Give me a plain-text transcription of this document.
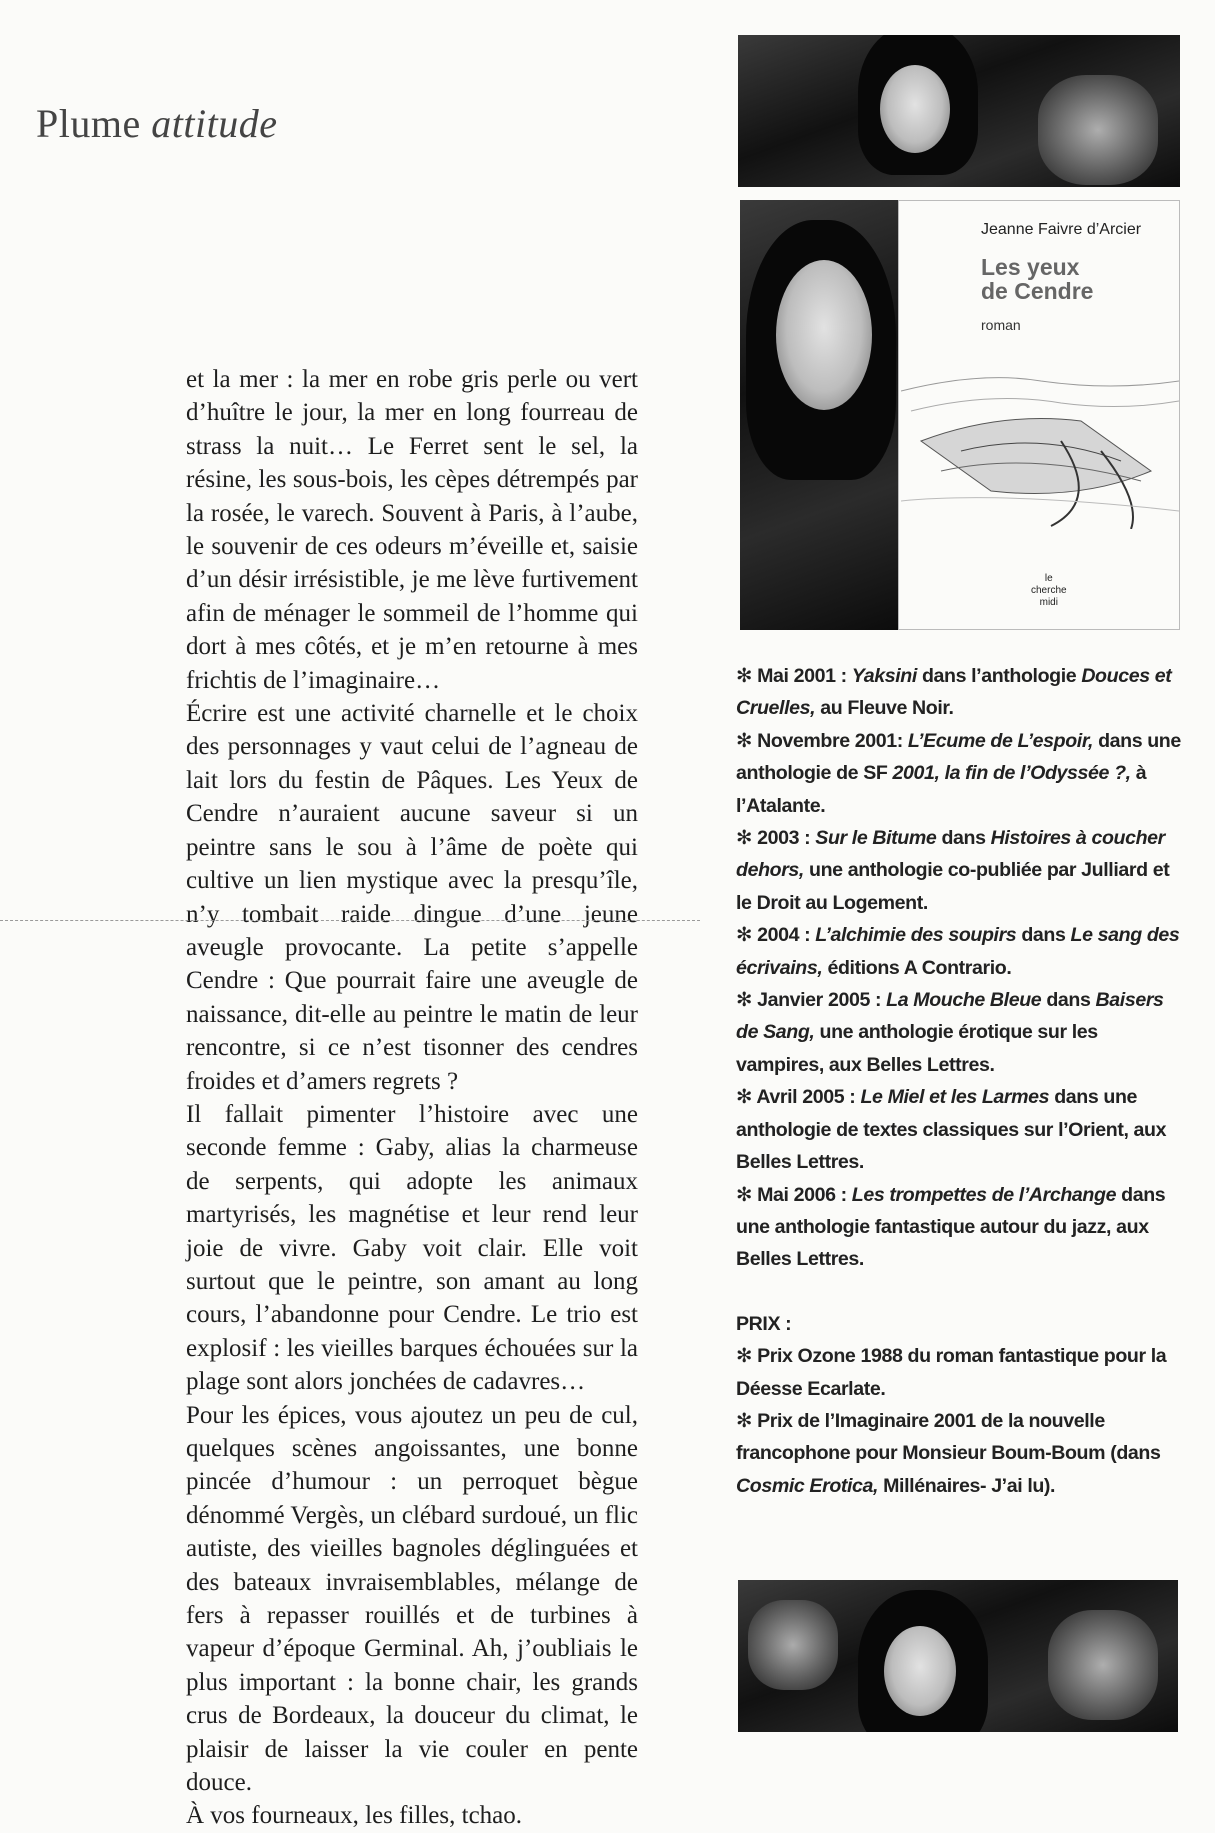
Plume attitude
Jeanne Faivre d’Arcier
Les yeux
de Cendre
roman
le
cherche
midi

et la mer : la mer en robe gris perle ou vert d’huître le jour, la mer en long fourreau de strass la nuit… Le Ferret sent le sel, la résine, les sous-bois, les cèpes détrempés par la rosée, le varech. Souvent à Paris, à l’aube, le souvenir de ces odeurs m’éveille et, saisie d’un désir irrésistible, je me lève furtivement afin de ménager le sommeil de l’homme qui dort à mes côtés, et je m’en retourne à mes frichtis de l’imaginaire…

Écrire est une activité charnelle et le choix des personnages y vaut celui de l’agneau de lait lors du festin de Pâques. Les Yeux de Cendre n’auraient aucune saveur si un peintre sans le sou à l’âme de poète qui cultive un lien mystique avec la presqu’île, n’y tombait raide dingue d’une jeune aveugle provocante. La petite s’appelle Cendre : Que pourrait faire une aveugle de naissance, dit-elle au peintre le matin de leur rencontre, si ce n’est tisonner des cendres froides et d’amers regrets ?

Il fallait pimenter l’histoire avec une seconde femme : Gaby, alias la charmeuse de serpents, qui adopte les animaux martyrisés, les magnétise et leur rend leur joie de vivre. Gaby voit clair. Elle voit surtout que le peintre, son amant au long cours, l’abandonne pour Cendre. Le trio est explosif : les vieilles barques échouées sur la plage sont alors jonchées de cadavres…

Pour les épices, vous ajoutez un peu de cul, quelques scènes angoissantes, une bonne pincée d’humour : un perroquet bègue dénommé Vergès, un clébard surdoué, un flic autiste, des vieilles bagnoles déglinguées et des bateaux invraisemblables, mélange de fers à repasser rouillés et de turbines à vapeur d’époque Germinal. Ah, j’oubliais le plus important : la bonne chair, les grands crus de Bordeaux, la douceur du climat, le plaisir de laisser la vie couler en pente douce.

À vos fourneaux, les filles, tchao.

✻ Mai 2001 : Yaksini dans l’anthologie Douces et Cruelles, au Fleuve Noir.

✻ Novembre 2001: L’Ecume de L’espoir, dans une anthologie de SF 2001, la fin de l’Odyssée ?, à l’Atalante.

✻ 2003 : Sur le Bitume dans Histoires à coucher dehors, une anthologie co-publiée par Julliard et le Droit au Logement.

✻ 2004 : L’alchimie des soupirs dans Le sang des écrivains, éditions A Contrario.

✻ Janvier 2005 : La Mouche Bleue dans Baisers de Sang, une anthologie érotique sur les vampires, aux Belles Lettres.

✻ Avril 2005 : Le Miel et les Larmes dans une anthologie de textes classiques sur l’Orient, aux Belles Lettres.

✻ Mai 2006 : Les trompettes de l’Archange dans une anthologie fantastique autour du jazz, aux Belles Lettres.

PRIX :

✻ Prix Ozone 1988 du roman fantastique pour la Déesse Ecarlate.

✻ Prix de l’Imaginaire 2001 de la nouvelle francophone pour Monsieur Boum-Boum (dans Cosmic Erotica, Millénaires- J’ai lu).
